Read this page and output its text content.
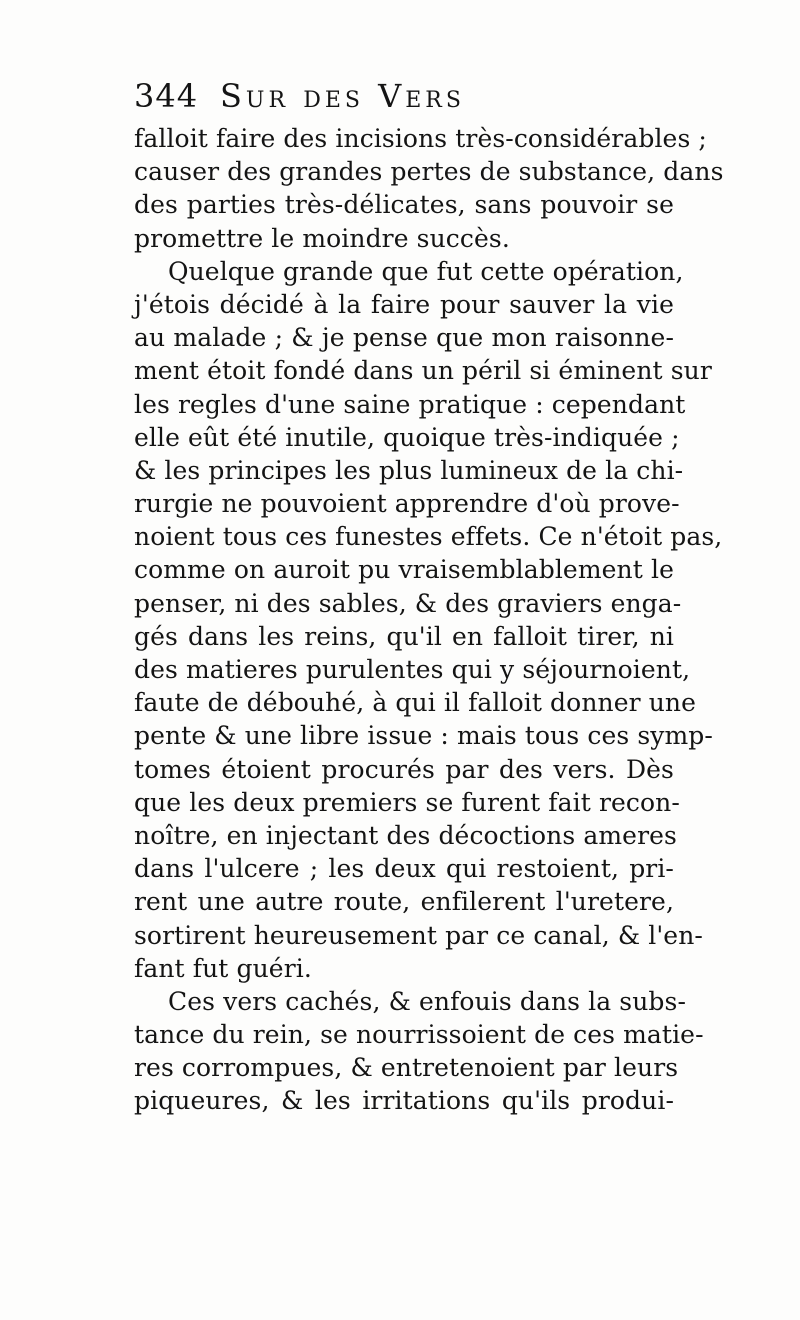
344 Sur des Vers
falloit faire des incisions très-considérables ;
causer des grandes pertes de substance, dans
des parties très-délicates, sans pouvoir se
promettre le moindre succès.
Quelque grande que fut cette opération,
j'étois décidé à la faire pour sauver la vie
au malade ; & je pense que mon raisonne-
ment étoit fondé dans un péril si éminent sur
les regles d'une saine pratique : cependant
elle eût été inutile, quoique très-indiquée ;
& les principes les plus lumineux de la chi-
rurgie ne pouvoient apprendre d'où prove-
noient tous ces funestes effets. Ce n'étoit pas,
comme on auroit pu vraisemblablement le
penser, ni des sables, & des graviers enga-
gés dans les reins, qu'il en falloit tirer, ni
des matieres purulentes qui y séjournoient,
faute de débouhé, à qui il falloit donner une
pente & une libre issue : mais tous ces symp-
tomes étoient procurés par des vers. Dès
que les deux premiers se furent fait recon-
noître, en injectant des décoctions ameres
dans l'ulcere ; les deux qui restoient, pri-
rent une autre route, enfilerent l'uretere,
sortirent heureusement par ce canal, & l'en-
fant fut guéri.
Ces vers cachés, & enfouis dans la subs-
tance du rein, se nourrissoient de ces matie-
res corrompues, & entretenoient par leurs
piqueures, & les irritations qu'ils produi-
